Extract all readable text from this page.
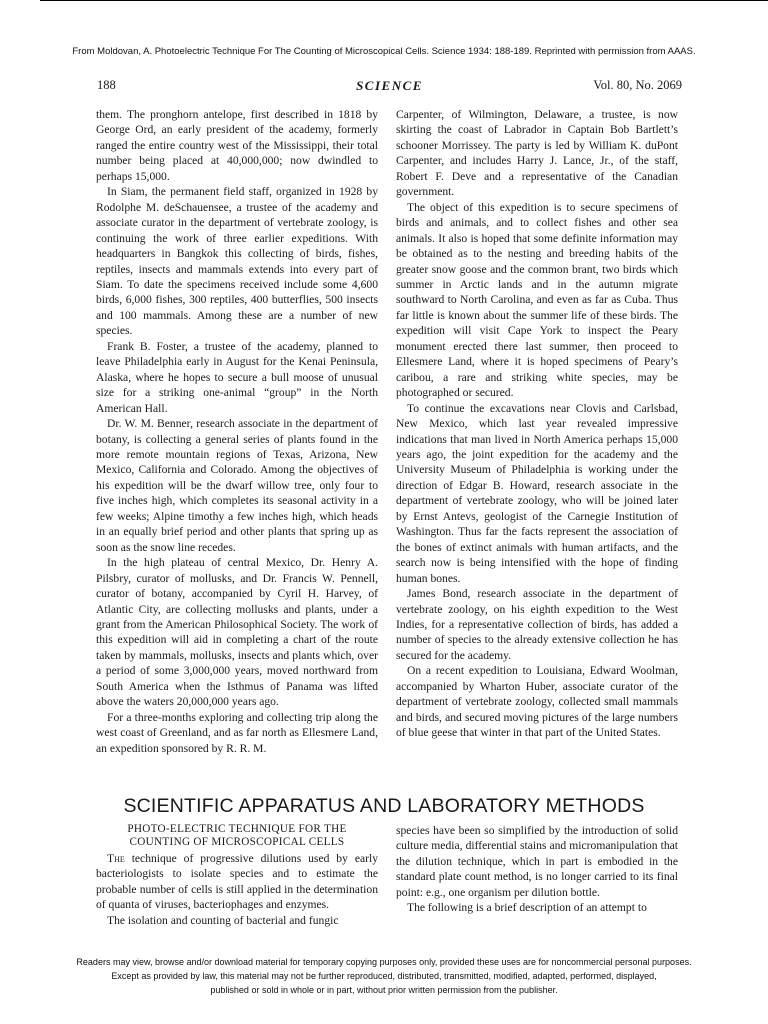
From Moldovan, A. Photoelectric Technique For The Counting of Microscopical Cells. Science 1934: 188-189. Reprinted with permission from AAAS.
188	SCIENCE	Vol. 80, No. 2069

them. The pronghorn antelope, first described in 1818 by George Ord, an early president of the academy, formerly ranged the entire country west of the Mississippi, their total number being placed at 40,000,000; now dwindled to perhaps 15,000.

In Siam, the permanent field staff, organized in 1928 by Rodolphe M. deSchauensee, a trustee of the academy and associate curator in the department of vertebrate zoology, is continuing the work of three earlier expeditions. With headquarters in Bangkok this collecting of birds, fishes, reptiles, insects and mammals extends into every part of Siam. To date the specimens received include some 4,600 birds, 6,000 fishes, 300 reptiles, 400 butterflies, 500 insects and 100 mammals. Among these are a number of new species.

Frank B. Foster, a trustee of the academy, planned to leave Philadelphia early in August for the Kenai Peninsula, Alaska, where he hopes to secure a bull moose of unusual size for a striking one-animal “group” in the North American Hall.

Dr. W. M. Benner, research associate in the department of botany, is collecting a general series of plants found in the more remote mountain regions of Texas, Arizona, New Mexico, California and Colorado. Among the objectives of his expedition will be the dwarf willow tree, only four to five inches high, which completes its seasonal activity in a few weeks; Alpine timothy a few inches high, which heads in an equally brief period and other plants that spring up as soon as the snow line recedes.

In the high plateau of central Mexico, Dr. Henry A. Pilsbry, curator of mollusks, and Dr. Francis W. Pennell, curator of botany, accompanied by Cyril H. Harvey, of Atlantic City, are collecting mollusks and plants, under a grant from the American Philosophical Society. The work of this expedition will aid in completing a chart of the route taken by mammals, mollusks, insects and plants which, over a period of some 3,000,000 years, moved northward from South America when the Isthmus of Panama was lifted above the waters 20,000,000 years ago.

For a three-months exploring and collecting trip along the west coast of Greenland, and as far north as Ellesmere Land, an expedition sponsored by R. R. M.

Carpenter, of Wilmington, Delaware, a trustee, is now skirting the coast of Labrador in Captain Bob Bartlett’s schooner Morrissey. The party is led by William K. duPont Carpenter, and includes Harry J. Lance, Jr., of the staff, Robert F. Deve and a representative of the Canadian government.

The object of this expedition is to secure specimens of birds and animals, and to collect fishes and other sea animals. It also is hoped that some definite information may be obtained as to the nesting and breeding habits of the greater snow goose and the common brant, two birds which summer in Arctic lands and in the autumn migrate southward to North Carolina, and even as far as Cuba. Thus far little is known about the summer life of these birds. The expedition will visit Cape York to inspect the Peary monument erected there last summer, then proceed to Ellesmere Land, where it is hoped specimens of Peary’s caribou, a rare and striking white species, may be photographed or secured.

To continue the excavations near Clovis and Carlsbad, New Mexico, which last year revealed impressive indications that man lived in North America perhaps 15,000 years ago, the joint expedition for the academy and the University Museum of Philadelphia is working under the direction of Edgar B. Howard, research associate in the department of vertebrate zoology, who will be joined later by Ernst Antevs, geologist of the Carnegie Institution of Washington. Thus far the facts represent the association of the bones of extinct animals with human artifacts, and the search now is being intensified with the hope of finding human bones.

James Bond, research associate in the department of vertebrate zoology, on his eighth expedition to the West Indies, for a representative collection of birds, has added a number of species to the already extensive collection he has secured for the academy.

On a recent expedition to Louisiana, Edward Woolman, accompanied by Wharton Huber, associate curator of the department of vertebrate zoology, collected small mammals and birds, and secured moving pictures of the large numbers of blue geese that winter in that part of the United States.

SCIENTIFIC APPARATUS AND LABORATORY METHODS
PHOTO-ELECTRIC TECHNIQUE FOR THE COUNTING OF MICROSCOPICAL CELLS

The technique of progressive dilutions used by early bacteriologists to isolate species and to estimate the probable number of cells is still applied in the determination of quanta of viruses, bacteriophages and enzymes.

The isolation and counting of bacterial and fungic

species have been so simplified by the introduction of solid culture media, differential stains and micromanipulation that the dilution technique, which in part is embodied in the standard plate count method, is no longer carried to its final point: e.g., one organism per dilution bottle.

The following is a brief description of an attempt to

Readers may view, browse and/or download material for temporary copying purposes only, provided these uses are for noncommercial personal purposes.
Except as provided by law, this material may not be further reproduced, distributed, transmitted, modified, adapted, performed, displayed,
published or sold in whole or in part, without prior written permission from the publisher.
